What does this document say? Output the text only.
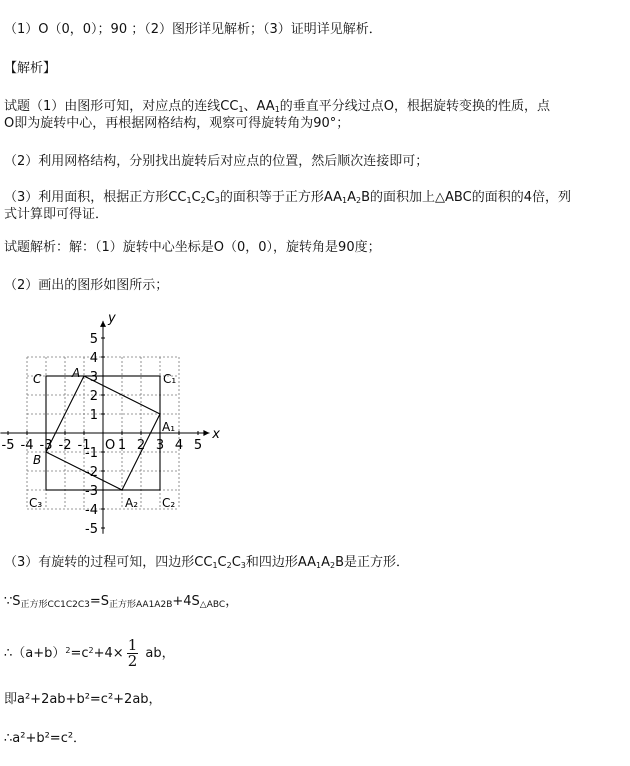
（1）O（0，0）；90 ；（2）图形详见解析；（3）证明详见解析．
【解析】
试题（1）由图形可知，对应点的连线$CC_1$、$AA_1$的垂直平分线过点O，根据旋转变换的性质，点
O即为旋转中心，再根据网格结构，观察可得旋转角为90°；
（2）利用网格结构，分别找出旋转后对应点的位置，然后顺次连接即可；
（3）利用面积，根据正方形$CC_1C_2C_3$的面积等于正方形$AA_1A_2B$的面积加上△ABC的面积的4倍，列
式计算即可得证．
试题解析：解：（1）旋转中心坐标是O（0，0），旋转角是90度；
（2）画出的图形如图所示；
-5 -4 -3 -2 -1 1 2 3 4 5
5
4
3
2
1
-1
-2
-3
-4
-5
x
y
O
C	A	C₁
A₁
B
C₃	A₂ C₂
（3）有旋转的过程可知，四边形$CC_1C_2C_3$和四边形$AA_1A_2B$是正方形．
$\because S_{正方形CC1C2C3}=S_{正方形AA1A2B}+4S_{\triangle ABC}$，
$\therefore(a+b)^2=c^2+4\times \frac{1}{2}$ ab，
即a²+2ab+b²=c²+2ab，
∴a²+b²=c²．
